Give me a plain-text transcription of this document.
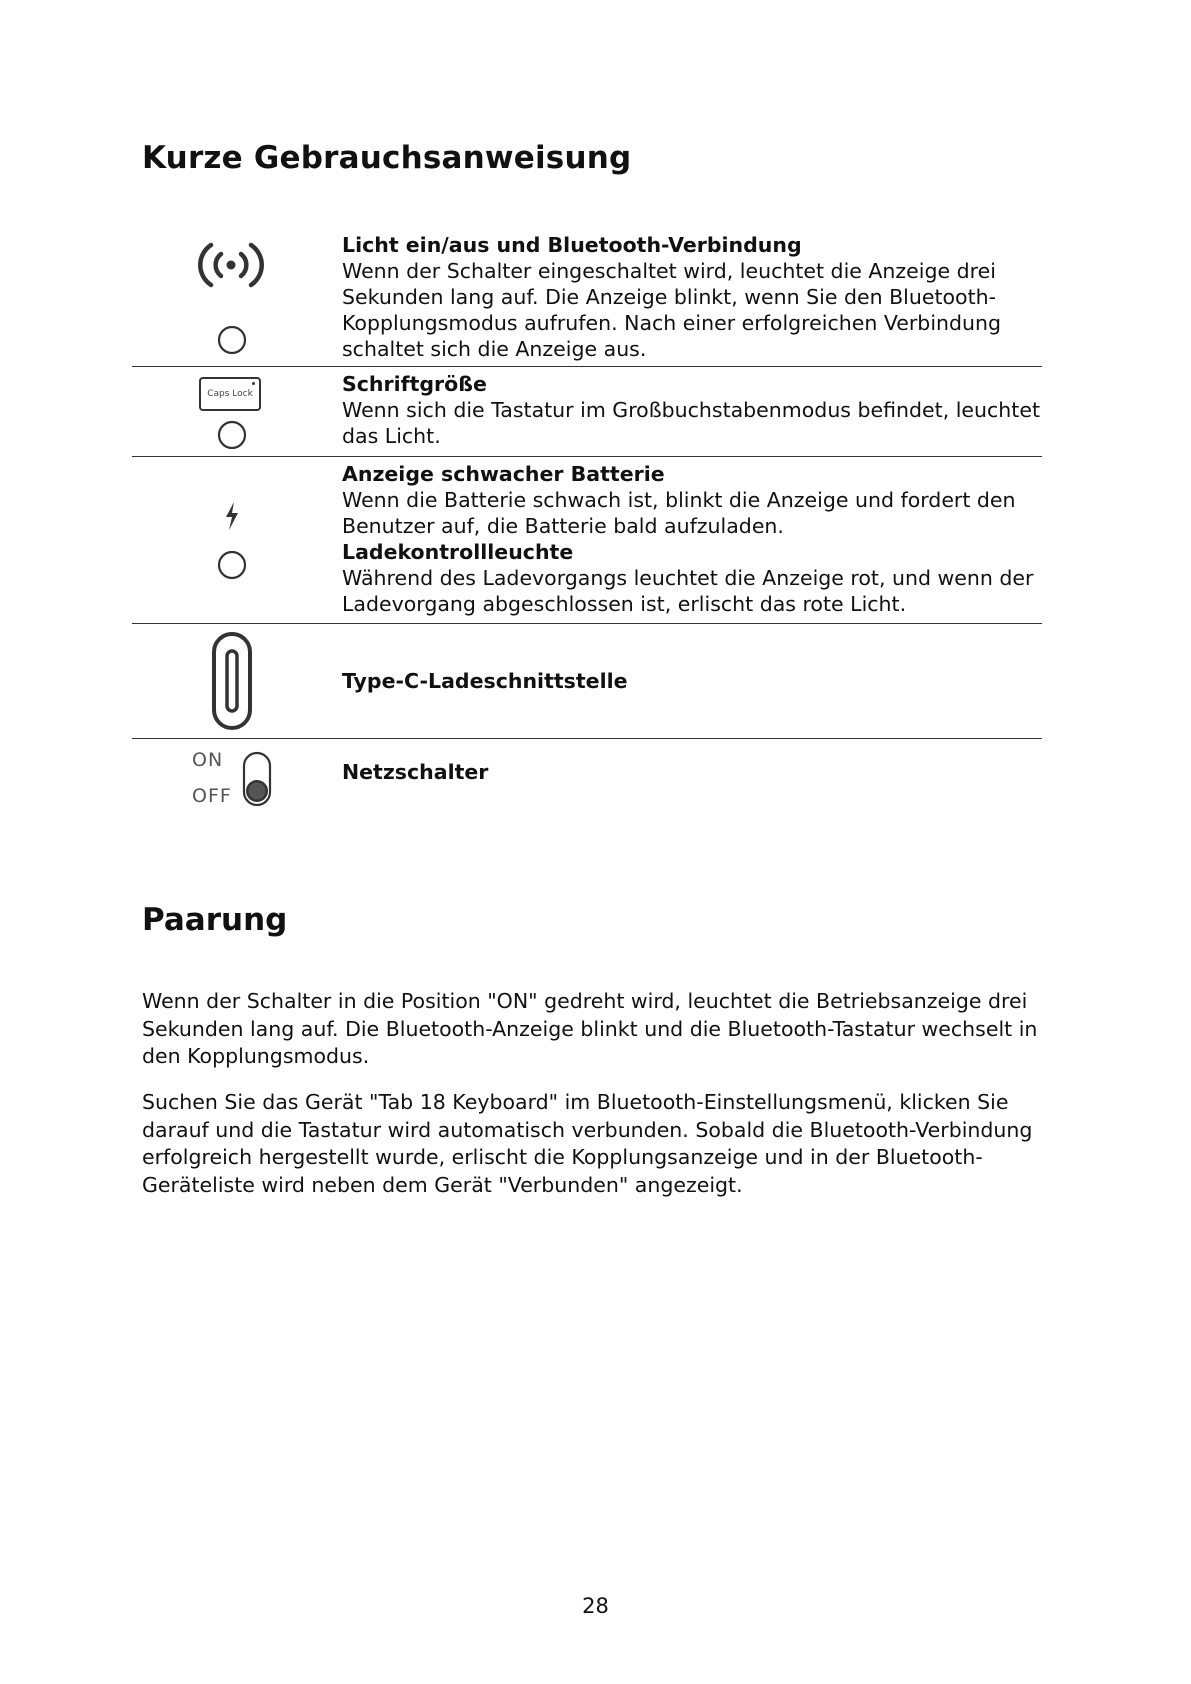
Kurze Gebrauchsanweisung
Licht ein/aus und Bluetooth-Verbindung
Wenn der Schalter eingeschaltet wird, leuchtet die Anzeige drei Sekunden lang auf. Die Anzeige blinkt, wenn Sie den Bluetooth-Kopplungsmodus aufrufen. Nach einer erfolgreichen Verbindung schaltet sich die Anzeige aus.
Caps Lock	Schriftgröße
Wenn sich die Tastatur im Großbuchstabenmodus befindet, leuchtet das Licht.
Anzeige schwacher Batterie
Wenn die Batterie schwach ist, blinkt die Anzeige und fordert den Benutzer auf, die Batterie bald aufzuladen.
Ladekontrollleuchte
Während des Ladevorgangs leuchtet die Anzeige rot, und wenn der Ladevorgang abgeschlossen ist, erlischt das rote Licht.
Type-C-Ladeschnittstelle
ON
OFF
Netzschalter
Paarung

Wenn der Schalter in die Position "ON" gedreht wird, leuchtet die Betriebsanzeige drei Sekunden lang auf. Die Bluetooth-Anzeige blinkt und die Bluetooth-Tastatur wechselt in den Kopplungsmodus.

Suchen Sie das Gerät "Tab 18 Keyboard" im Bluetooth-Einstellungsmenü, klicken Sie darauf und die Tastatur wird automatisch verbunden. Sobald die Bluetooth-Verbindung erfolgreich hergestellt wurde, erlischt die Kopplungsanzeige und in der Bluetooth-Geräteliste wird neben dem Gerät "Verbunden" angezeigt.

28
